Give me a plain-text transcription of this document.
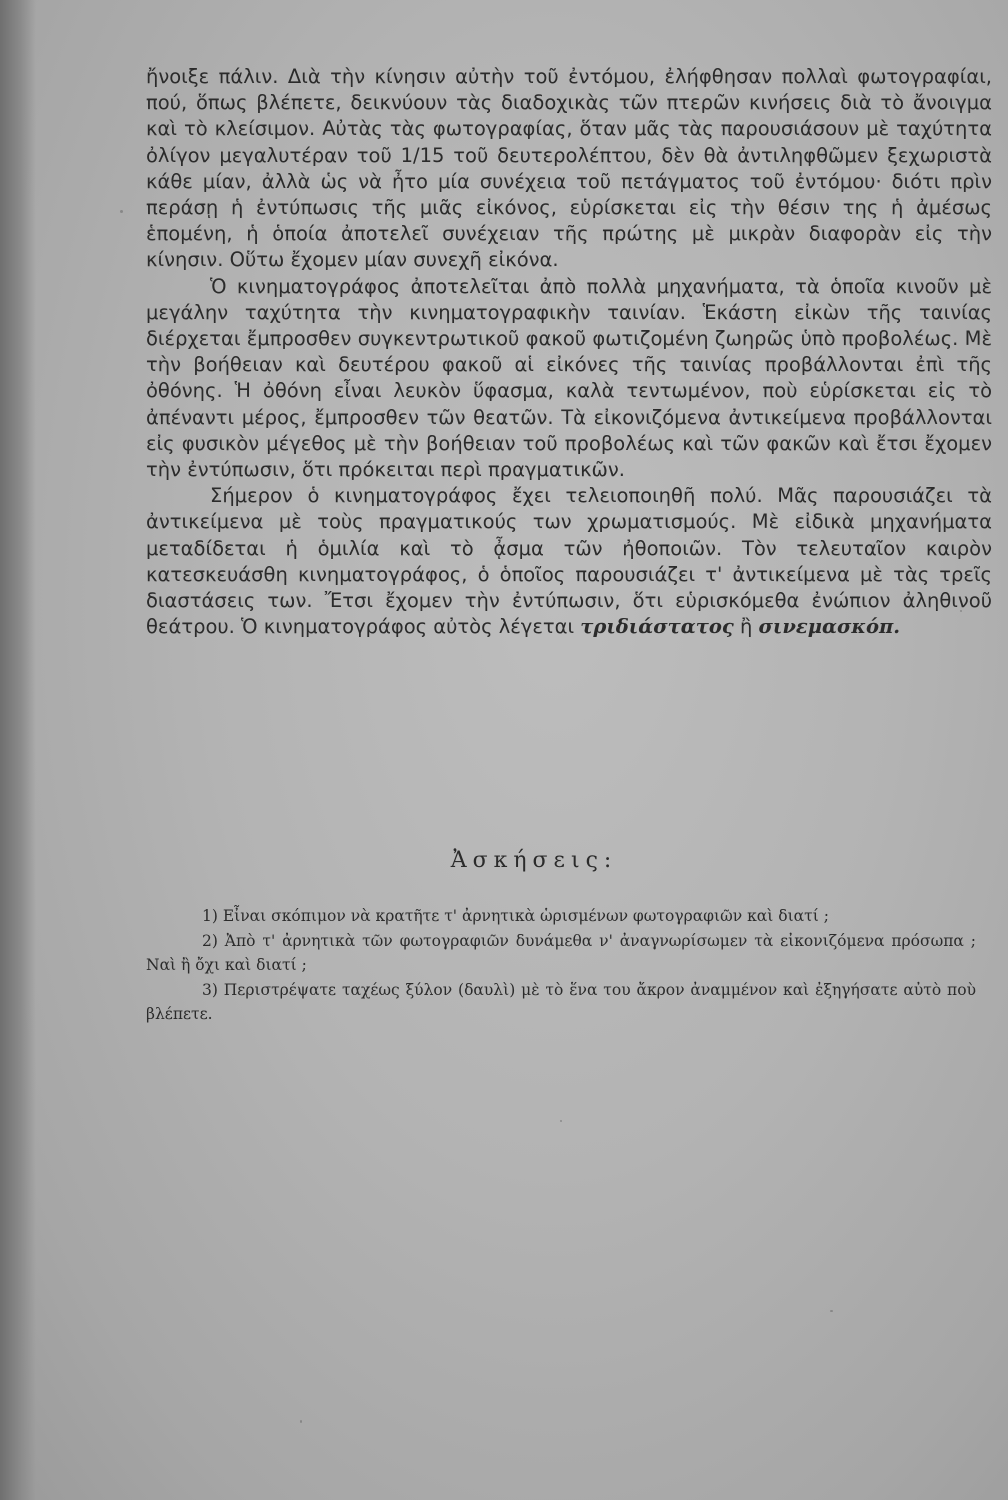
ἤνοιξε πάλιν. Διὰ τὴν κίνησιν αὐτὴν τοῦ ἐντόμου, ἐλήφθησαν πολλαὶ φωτογραφίαι, πού, ὅπως βλέπετε, δεικνύουν τὰς διαδοχικὰς τῶν πτερῶν κινήσεις διὰ τὸ ἄνοιγμα καὶ τὸ κλείσιμον. Αὐτὰς τὰς φωτογραφίας, ὅταν μᾶς τὰς παρουσιάσουν μὲ ταχύτητα ὀλίγον μεγαλυτέραν τοῦ 1/15 τοῦ δευτερολέπτου, δὲν θὰ ἀντιληφθῶμεν ξεχωριστὰ κάθε μίαν, ἀλλὰ ὡς νὰ ἦτο μία συνέχεια τοῦ πετάγματος τοῦ ἐντόμου· διότι πρὶν περάσῃ ἡ ἐντύπωσις τῆς μιᾶς εἰκόνος, εὑρίσκεται εἰς τὴν θέσιν της ἡ ἀμέσως ἑπομένη, ἡ ὁποία ἀποτελεῖ συνέχειαν τῆς πρώτης μὲ μικρὰν διαφορὰν εἰς τὴν κίνησιν. Οὕτω ἔχομεν μίαν συνεχῆ εἰκόνα.

Ὁ κινηματογράφος ἀποτελεῖται ἀπὸ πολλὰ μηχανήματα, τὰ ὁποῖα κινοῦν μὲ μεγάλην ταχύτητα τὴν κινηματογραφικὴν ταινίαν. Ἑκάστη εἰκὼν τῆς ταινίας διέρχεται ἔμπροσθεν συγκεντρωτικοῦ φακοῦ φωτιζομένη ζωηρῶς ὑπὸ προβολέως. Μὲ τὴν βοήθειαν καὶ δευτέρου φακοῦ αἱ εἰκόνες τῆς ταινίας προβάλλονται ἐπὶ τῆς ὀθόνης. Ἡ ὀθόνη εἶναι λευκὸν ὕφασμα, καλὰ τεντωμένον, ποὺ εὑρίσκεται εἰς τὸ ἀπέναντι μέρος, ἔμπροσθεν τῶν θεατῶν. Τὰ εἰκονιζόμενα ἀντικείμενα προβάλλονται εἰς φυσικὸν μέγεθος μὲ τὴν βοήθειαν τοῦ προβολέως καὶ τῶν φακῶν καὶ ἔτσι ἔχομεν τὴν ἐντύπωσιν, ὅτι πρόκειται περὶ πραγματικῶν.

Σήμερον ὁ κινηματογράφος ἔχει τελειοποιηθῆ πολύ. Μᾶς παρουσιάζει τὰ ἀντικείμενα μὲ τοὺς πραγματικούς των χρωματισμούς. Μὲ εἰδικὰ μηχανήματα μεταδίδεται ἡ ὁμιλία καὶ τὸ ᾆσμα τῶν ἠθοποιῶν. Τὸν τελευταῖον καιρὸν κατεσκευάσθη κινηματογράφος, ὁ ὁποῖος παρουσιάζει τ' ἀντικείμενα μὲ τὰς τρεῖς διαστάσεις των. Ἔτσι ἔχομεν τὴν ἐντύπωσιν, ὅτι εὑρισκόμεθα ἐνώπιον ἀληθινοῦ θεάτρου. Ὁ κινηματογράφος αὐτὸς λέγεται τριδιάστατος ἢ σινεμασκόπ.

Ἀσκήσεις:

1) Εἶναι σκόπιμον νὰ κρατῆτε τ' ἀρνητικὰ ὡρισμένων φωτογραφιῶν καὶ διατί ;

2) Ἀπὸ τ' ἀρνητικὰ τῶν φωτογραφιῶν δυνάμεθα ν' ἀναγνωρίσωμεν τὰ εἰκονιζόμενα πρόσωπα ; Ναὶ ἢ ὄχι καὶ διατί ;

3) Περιστρέψατε ταχέως ξύλον (δαυλὶ) μὲ τὸ ἕνα του ἄκρον ἀναμμένον καὶ ἐξηγήσατε αὐτὸ ποὺ βλέπετε.
